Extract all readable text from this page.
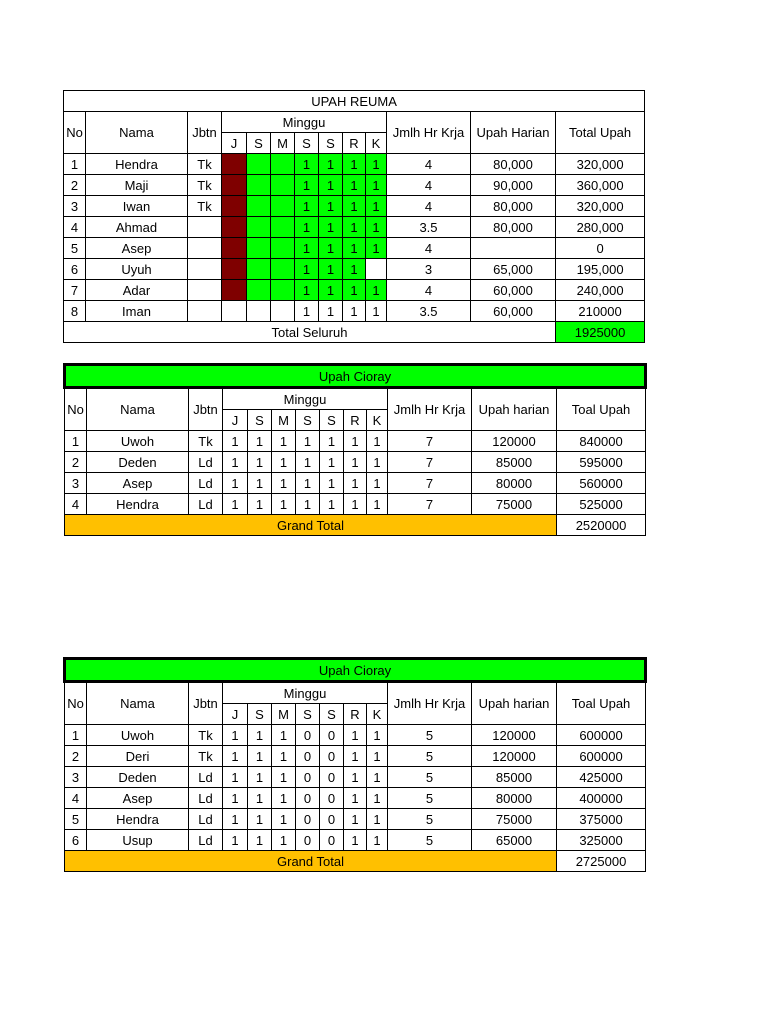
UPAH REUMA												
No	Nama	Jbtn	Minggu							Jmlh Hr Krja	Upah Harian	Total Upah
			J	S	M	S	S	R	K			
1	Hendra	Tk	-			1	1	1	1	4	80,000	320,000
2	Maji	Tk	-			1	1	1	1	4	90,000	360,000
3	Iwan	Tk	-			1	1	1	1	4	80,000	320,000
4	Ahmad		-			1	1	1	1	3.5	80,000	280,000
5	Asep		-			1	1	1	1	4		0
6	Uyuh		-			1	1	1		3	65,000	195,000
7	Adar		-			1	1	1	1	4	60,000	240,000
8	Iman					1	1	1	1	3.5	60,000	210000
Total Seluruh												1925000
Upah Cioray												
No	Nama	Jbtn	Minggu							Jmlh Hr Krja	Upah harian	Toal Upah
			J	S	M	S	S	R	K			
1	Uwoh	Tk	1	1	1	1	1	1	1	7	120000	840000
2	Deden	Ld	1	1	1	1	1	1	1	7	85000	595000
3	Asep	Ld	1	1	1	1	1	1	1	7	80000	560000
4	Hendra	Ld	1	1	1	1	1	1	1	7	75000	525000
Grand Total												2520000
Upah Cioray												
No	Nama	Jbtn	Minggu							Jmlh Hr Krja	Upah harian	Toal Upah
			J	S	M	S	S	R	K			
1	Uwoh	Tk	1	1	1	0	0	1	1	5	120000	600000
2	Deri	Tk	1	1	1	0	0	1	1	5	120000	600000
3	Deden	Ld	1	1	1	0	0	1	1	5	85000	425000
4	Asep	Ld	1	1	1	0	0	1	1	5	80000	400000
5	Hendra	Ld	1	1	1	0	0	1	1	5	75000	375000
6	Usup	Ld	1	1	1	0	0	1	1	5	65000	325000
Grand Total												2725000
